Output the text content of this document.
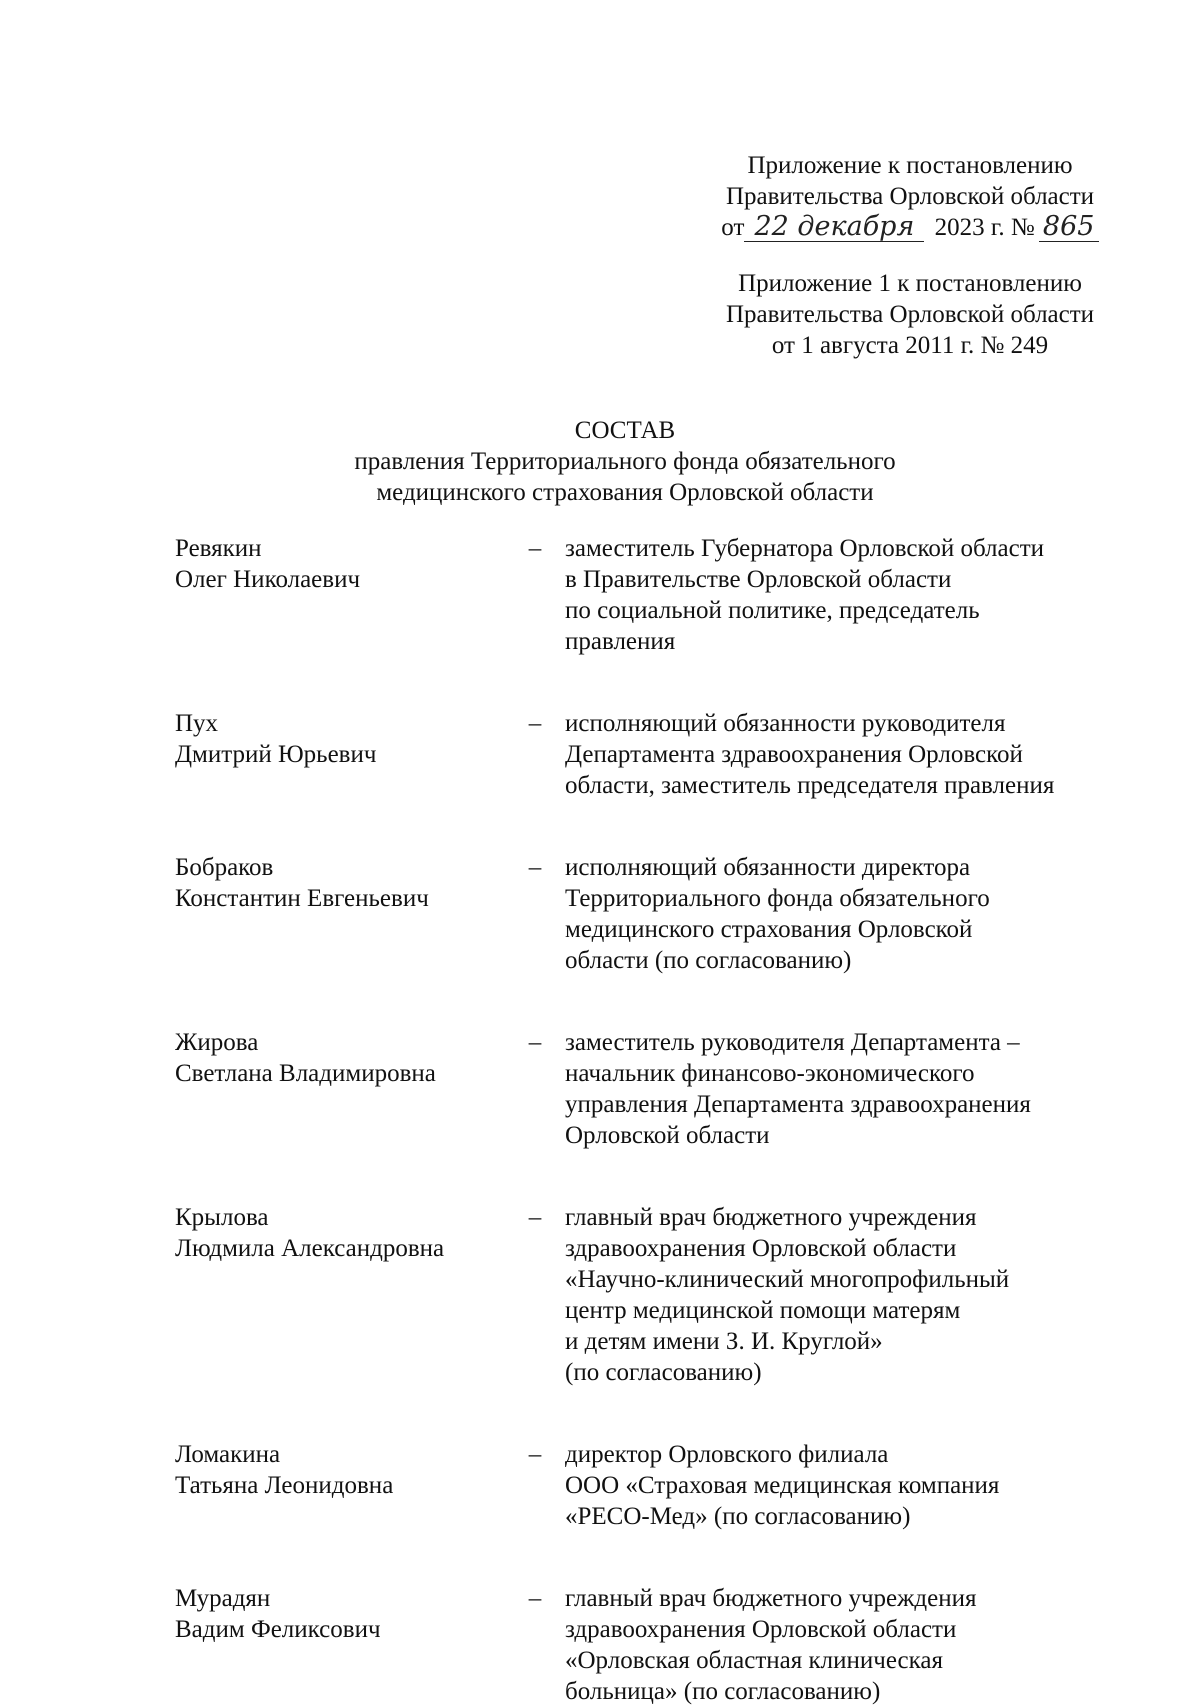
Приложение к постановлению
Правительства Орловской области
от 22 декабря 2023 г. № 865
Приложение 1 к постановлению
Правительства Орловской области
от 1 августа 2011 г. № 249
СОСТАВ
правления Территориального фонда обязательного
медицинского страхования Орловской области
Ревякин
Олег Николаевич
– заместитель Губернатора Орловской области
в Правительстве Орловской области
по социальной политике, председатель
правления
Пух
Дмитрий Юрьевич
– исполняющий обязанности руководителя
Департамента здравоохранения Орловской
области, заместитель председателя правления
Бобраков
Константин Евгеньевич
– исполняющий обязанности директора
Территориального фонда обязательного
медицинского страхования Орловской
области (по согласованию)
Жирова
Светлана Владимировна
– заместитель руководителя Департамента –
начальник финансово-экономического
управления Департамента здравоохранения
Орловской области
Крылова
Людмила Александровна
– главный врач бюджетного учреждения
здравоохранения Орловской области
«Научно-клинический многопрофильный
центр медицинской помощи матерям
и детям имени З. И. Круглой»
(по согласованию)
Ломакина
Татьяна Леонидовна
– директор Орловского филиала
ООО «Страховая медицинская компания
«РЕСО-Мед» (по согласованию)
Мурадян
Вадим Феликсович
– главный врач бюджетного учреждения
здравоохранения Орловской области
«Орловская областная клиническая
больница» (по согласованию)
